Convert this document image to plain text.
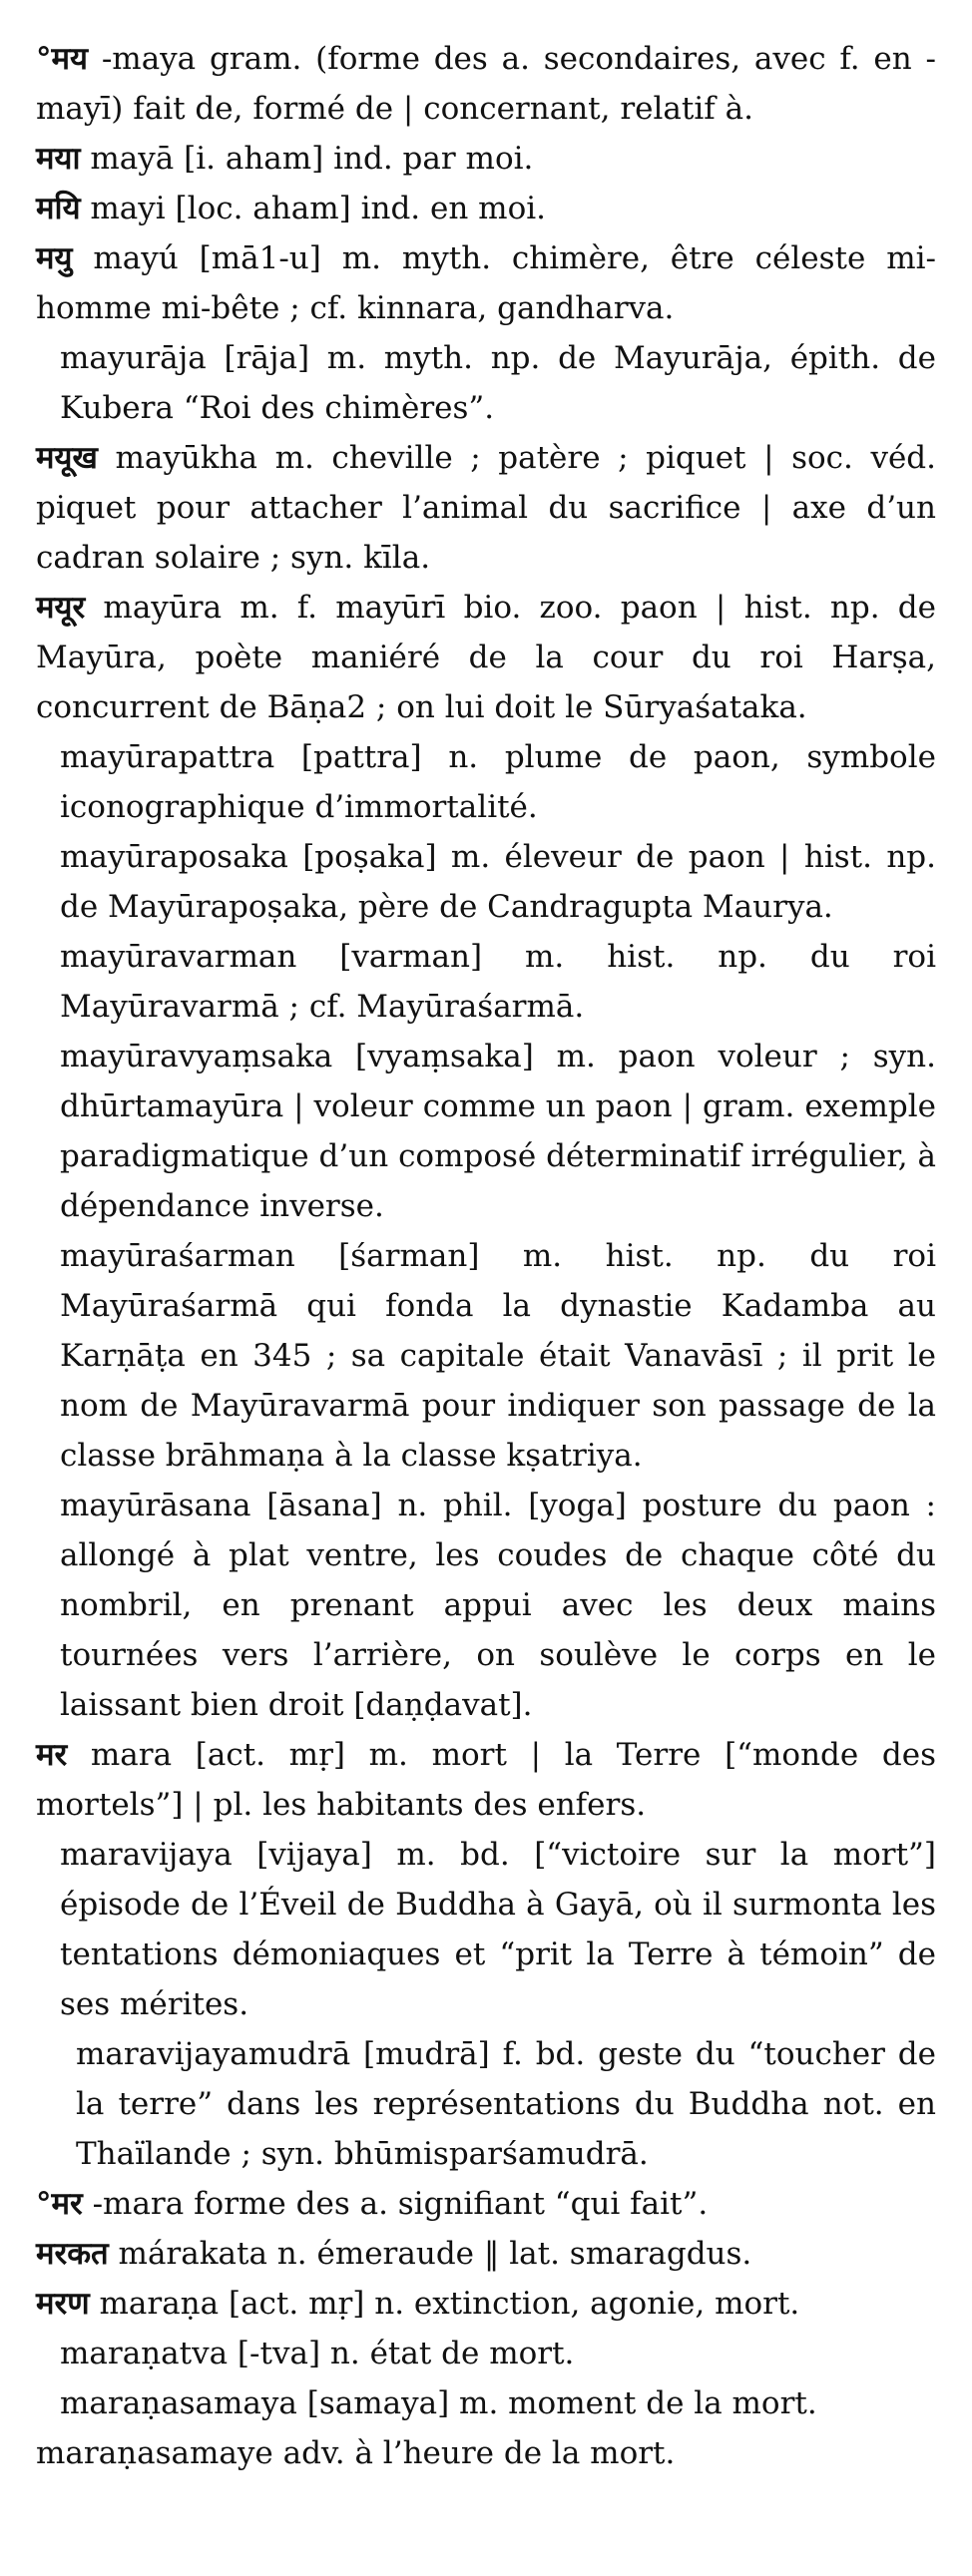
°मय -maya gram. (forme des a. secondaires, avec f. en -mayī) fait de, formé de | concernant, relatif à.

मया mayā [i. aham] ind. par moi.

मयि mayi [loc. aham] ind. en moi.

मयु mayú [mā1-u] m. myth. chimère, être céleste mi-homme mi-bête ; cf. kinnara, gandharva.

mayurāja [rāja] m. myth. np. de Mayurāja, épith. de Kubera “Roi des chimères”.

मयूख mayūkha m. cheville ; patère ; piquet | soc. véd. piquet pour attacher l’animal du sacrifice | axe d’un cadran solaire ; syn. kīla.

मयूर mayūra m. f. mayūrī bio. zoo. paon | hist. np. de Mayūra, poète maniéré de la cour du roi Harṣa, concurrent de Bāṇa2 ; on lui doit le Sūryaśataka.

mayūrapattra [pattra] n. plume de paon, symbole iconographique d’immortalité.

mayūraposaka [poṣaka] m. éleveur de paon | hist. np. de Mayūrapoṣaka, père de Candragupta Maurya.

mayūravarman [varman] m. hist. np. du roi Mayūravarmā ; cf. Mayūraśarmā.

mayūravyaṃsaka [vyaṃsaka] m. paon voleur ; syn. dhūrtamayūra | voleur comme un paon | gram. exemple paradigmatique d’un composé déterminatif irrégulier, à dépendance inverse.

mayūraśarman [śarman] m. hist. np. du roi Mayūraśarmā qui fonda la dynastie Kadamba au Karṇāṭa en 345 ; sa capitale était Vanavāsī ; il prit le nom de Mayūravarmā pour indiquer son passage de la classe brāhmaṇa à la classe kṣatriya.

mayūrāsana [āsana] n. phil. [yoga] posture du paon : allongé à plat ventre, les coudes de chaque côté du nombril, en prenant appui avec les deux mains tournées vers l’arrière, on soulève le corps en le laissant bien droit [daṇḍavat].

मर mara [act. mṛ] m. mort | la Terre [“monde des mortels”] | pl. les habitants des enfers.

maravijaya [vijaya] m. bd. [“victoire sur la mort”] épisode de l’Éveil de Buddha à Gayā, où il surmonta les tentations démoniaques et “prit la Terre à témoin” de ses mérites.

maravijayamudrā [mudrā] f. bd. geste du “toucher de la terre” dans les représentations du Buddha not. en Thaïlande ; syn. bhūmisparśamudrā.

°मर -mara forme des a. signifiant “qui fait”.

मरकत márakata n. émeraude ‖ lat. smaragdus.

मरण maraṇa [act. mṛ] n. extinction, agonie, mort.

maraṇatva [-tva] n. état de mort.

maraṇasamaya [samaya] m. moment de la mort.

maraṇasamaye adv. à l’heure de la mort.
